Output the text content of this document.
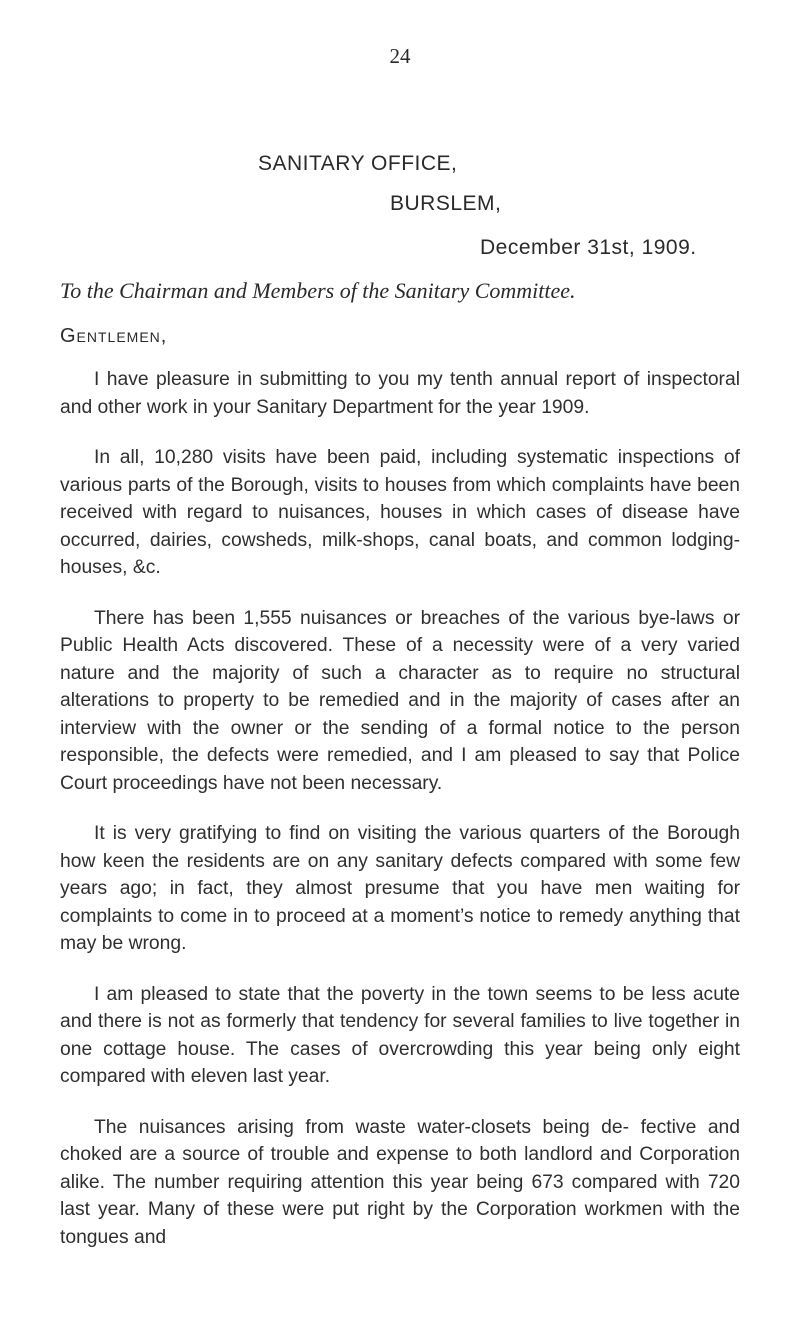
24
SANITARY OFFICE,
BURSLEM,
December 31st, 1909.
To the Chairman and Members of the Sanitary Committee.
Gentlemen,

I have pleasure in submitting to you my tenth annual report of inspectoral and other work in your Sanitary Department for the year 1909.

In all, 10,280 visits have been paid, including systematic inspections of various parts of the Borough, visits to houses from which complaints have been received with regard to nuisances, houses in which cases of disease have occurred, dairies, cowsheds, milk-shops, canal boats, and common lodging-houses, &c.

There has been 1,555 nuisances or breaches of the various bye-laws or Public Health Acts discovered. These of a necessity were of a very varied nature and the majority of such a character as to require no structural alterations to property to be remedied and in the majority of cases after an interview with the owner or the sending of a formal notice to the person responsible, the defects were remedied, and I am pleased to say that Police Court proceedings have not been necessary.

It is very gratifying to find on visiting the various quarters of the Borough how keen the residents are on any sanitary defects compared with some few years ago; in fact, they almost presume that you have men waiting for complaints to come in to proceed at a moment’s notice to remedy anything that may be wrong.

I am pleased to state that the poverty in the town seems to be less acute and there is not as formerly that tendency for several families to live together in one cottage house. The cases of overcrowding this year being only eight compared with eleven last year.

The nuisances arising from waste water-closets being de- fective and choked are a source of trouble and expense to both landlord and Corporation alike. The number requiring attention this year being 673 compared with 720 last year. Many of these were put right by the Corporation workmen with the tongues and
